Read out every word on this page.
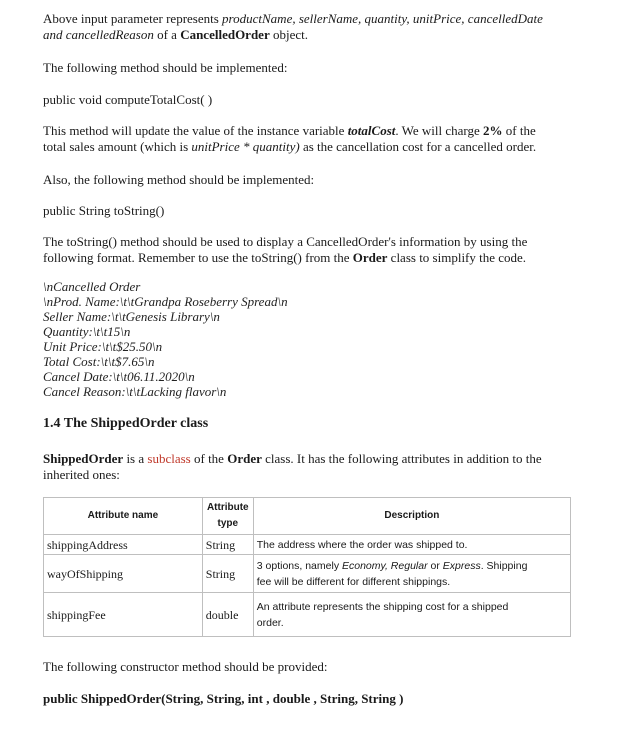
Above input parameter represents productName, sellerName, quantity, unitPrice, cancelledDate
and cancelledReason of a CancelledOrder object.
The following method should be implemented:
public void computeTotalCost( )
This method will update the value of the instance variable totalCost. We will charge 2% of the
total sales amount (which is unitPrice * quantity) as the cancellation cost for a cancelled order.
Also, the following method should be implemented:
public String toString()
The toString() method should be used to display a CancelledOrder's information by using the
following format. Remember to use the toString() from the Order class to simplify the code.
\nCancelled Order
\nProd. Name:\t\tGrandpa Roseberry Spread\n
Seller Name:\t\tGenesis Library\n
Quantity:\t\t15\n
Unit Price:\t\t$25.50\n
Total Cost:\t\t$7.65\n
Cancel Date:\t\t06.11.2020\n
Cancel Reason:\t\tLacking flavor\n
1.4 The ShippedOrder class
ShippedOrder is a subclass of the Order class. It has the following attributes in addition to the
inherited ones:
Attribute name	Attribute type	Description
shippingAddress	String	The address where the order was shipped to.
wayOfShipping	String	3 options, namely Economy, Regular or Express. Shipping
fee will be different for different shippings.
shippingFee	double	An attribute represents the shipping cost for a shipped
order.
The following constructor method should be provided:
public ShippedOrder(String, String, int , double , String, String )
